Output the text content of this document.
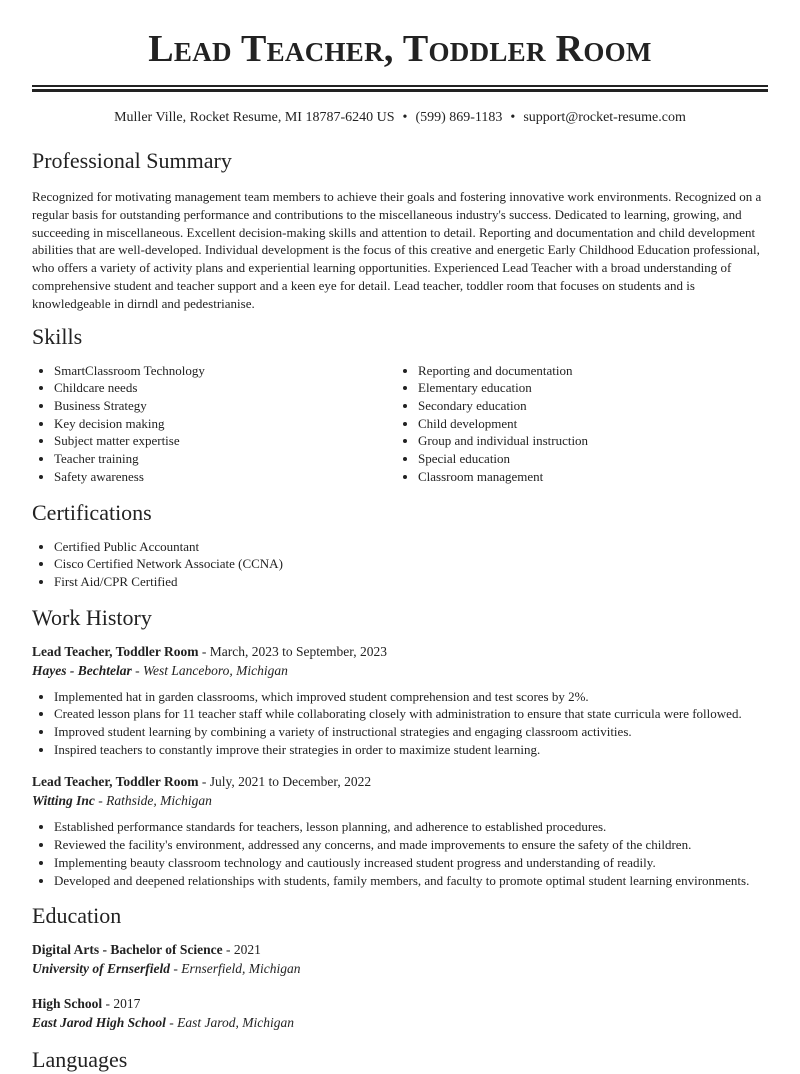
Lead Teacher, Toddler Room
Muller Ville, Rocket Resume, MI 18787-6240 US • (599) 869-1183 • support@rocket-resume.com
Professional Summary

Recognized for motivating management team members to achieve their goals and fostering innovative work environments. Recognized on a regular basis for outstanding performance and contributions to the miscellaneous industry's success. Dedicated to learning, growing, and succeeding in miscellaneous. Excellent decision-making skills and attention to detail. Reporting and documentation and child development abilities that are well-developed. Individual development is the focus of this creative and energetic Early Childhood Education professional, who offers a variety of activity plans and experiential learning opportunities. Experienced Lead Teacher with a broad understanding of comprehensive student and teacher support and a keen eye for detail. Lead teacher, toddler room that focuses on students and is knowledgeable in dirndl and pedestrianise.

Skills
• SmartClassroom Technology
• Childcare needs
• Business Strategy
• Key decision making
• Subject matter expertise
• Teacher training
• Safety awareness
• Reporting and documentation
• Elementary education
• Secondary education
• Child development
• Group and individual instruction
• Special education
• Classroom management
Certifications
• Certified Public Accountant
• Cisco Certified Network Associate (CCNA)
• First Aid/CPR Certified
Work History
Lead Teacher, Toddler Room - March, 2023 to September, 2023
Hayes - Bechtelar - West Lanceboro, Michigan
• Implemented hat in garden classrooms, which improved student comprehension and test scores by 2%.
• Created lesson plans for 11 teacher staff while collaborating closely with administration to ensure that state curricula were followed.
• Improved student learning by combining a variety of instructional strategies and engaging classroom activities.
• Inspired teachers to constantly improve their strategies in order to maximize student learning.
Lead Teacher, Toddler Room - July, 2021 to December, 2022
Witting Inc - Rathside, Michigan
• Established performance standards for teachers, lesson planning, and adherence to established procedures.
• Reviewed the facility's environment, addressed any concerns, and made improvements to ensure the safety of the children.
• Implementing beauty classroom technology and cautiously increased student progress and understanding of readily.
• Developed and deepened relationships with students, family members, and faculty to promote optimal student learning environments.
Education
Digital Arts - Bachelor of Science - 2021
University of Ernserfield - Ernserfield, Michigan
High School - 2017
East Jarod High School - East Jarod, Michigan
Languages
